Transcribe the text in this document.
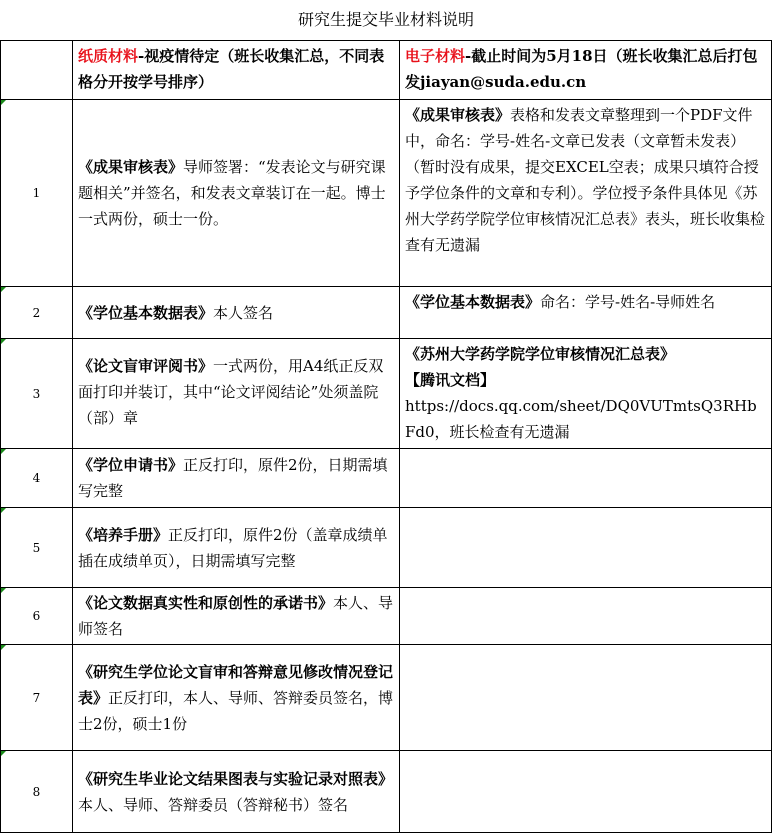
研究生提交毕业材料说明
	纸质材料-视疫情待定（班长收集汇总，不同表格分开按学号排序）	电子材料-截止时间为5月18日（班长收集汇总后打包发jiayan@suda.edu.cn
1	《成果审核表》导师签署：“发表论文与研究课题相关”并签名，和发表文章装订在一起。博士一式两份，硕士一份。	《成果审核表》表格和发表文章整理到一个PDF文件中，命名：学号-姓名-文章已发表（文章暂未发表）（暂时没有成果，提交EXCEL空表；成果只填符合授予学位条件的文章和专利）。学位授予条件具体见《苏州大学药学院学位审核情况汇总表》表头，班长收集检查有无遗漏
2	《学位基本数据表》本人签名	《学位基本数据表》命名：学号-姓名-导师姓名
3	《论文盲审评阅书》一式两份，用A4纸正反双面打印并装订，其中“论文评阅结论”处须盖院（部）章	《苏州大学药学院学位审核情况汇总表》
【腾讯文档】
https://docs.qq.com/sheet/DQ0VUTmtsQ3RHbFd0，班长检查有无遗漏
4	《学位申请书》正反打印，原件2份，日期需填写完整	
5	《培养手册》正反打印，原件2份（盖章成绩单插在成绩单页），日期需填写完整	
6	《论文数据真实性和原创性的承诺书》本人、导师签名	
7	《研究生学位论文盲审和答辩意见修改情况登记表》正反打印，本人、导师、答辩委员签名，博士2份，硕士1份	
8	《研究生毕业论文结果图表与实验记录对照表》本人、导师、答辩委员（答辩秘书）签名	
